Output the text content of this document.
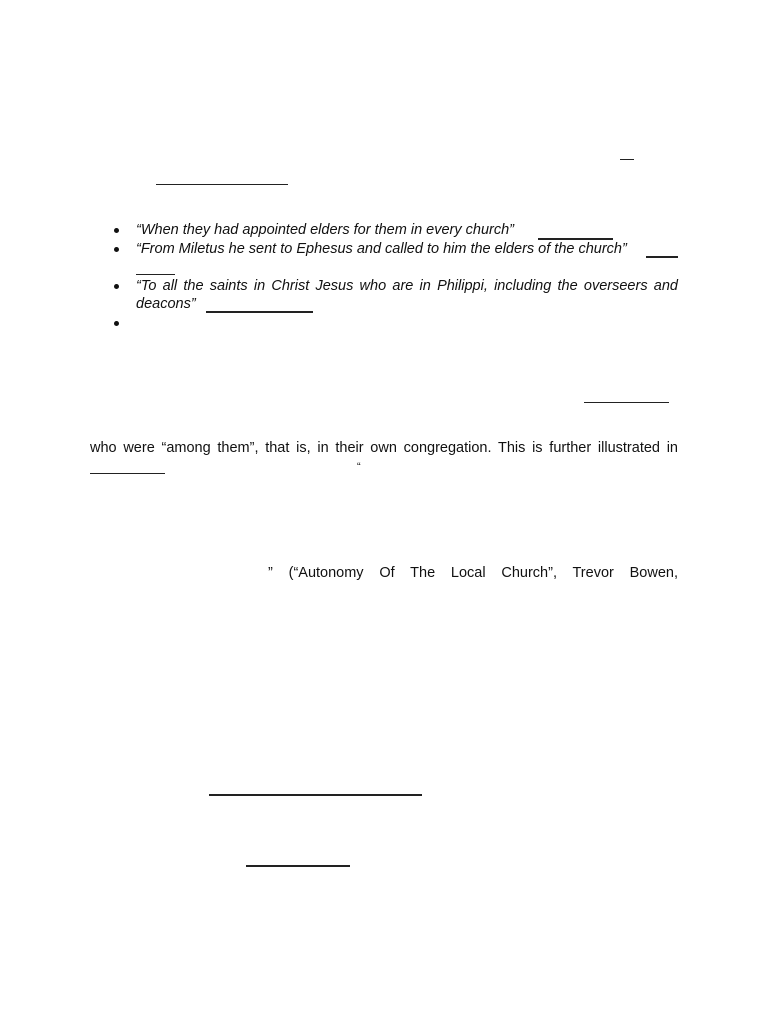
“When they had appointed elders for them in every church”
“From Miletus he sent to Ephesus and called to him the elders of the church”
“To all the saints in Christ Jesus who are in Philippi, including the overseers and
deacons”
who were “among them”, that is, in their own congregation. This is further illustrated in
“
” (“Autonomy Of The Local Church”, Trevor Bowen,
